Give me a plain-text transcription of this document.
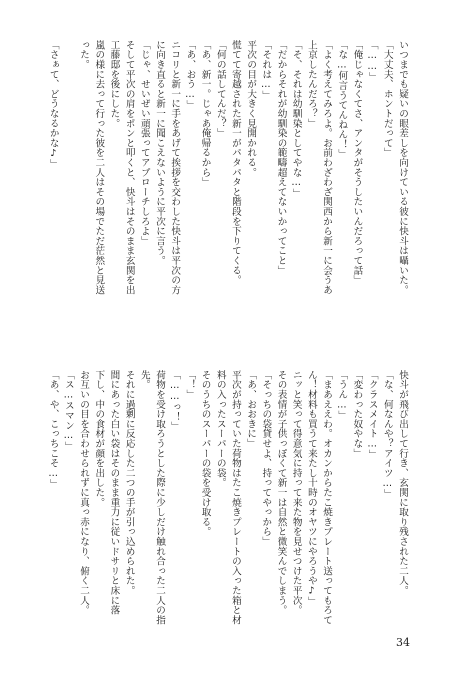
いつまでも疑いの眼差しを向けている彼に快斗は囁いた。
「大丈夫、ホントだって」
「……」
「俺じゃなくてさ、アンタがそうしたいんだろって話」
「な…何言うてんねん！」
「よく考えてみろよ。お前わざわざ関西から新一に会うあ
上京したんだろ？」
「そ、それは幼馴染としてやな…」
「だからそれが幼馴染の範疇超えてないかってこと」
「それは…」
平次の目が大きく見開かれる。
慌てて寄越された新一がパタパタと階段を下りてくる。
「何の話してんだ？」
「あ、新一。じゃあ俺帰るから」
「あ、おう…」
ニコリと新一に手をあげて挨拶を交わした快斗は平次の方
に向き直ると新一に聞こえないように平次に言う。
「じゃ、せいぜい頑張ってアプローチしろよ」
そして平次の肩をポンと叩くと、快斗はそのまま玄関を出
工藤邸を後にした。
嵐の様に去って行った彼を二人はその場でただ茫然と見送
った。
「さぁて、どうなるかな♪」
快斗が飛び出して行き、玄関に取り残された二人。
「な、何なんや？アイツ…」
「クラスメイト…」
「変わった奴やな」
「うん…」
「まあええわ。オカンからたこ焼きプレート送ってもろて
ん！材料も買うて来たし十時のオヤツにやろうや♪」
ニッと笑って得意気に持って来た物を見せつけた平次。
その表情が子供っぽくて新一は自然と微笑んでしまう。
「そっちの袋貸せよ、持ってやっから」
「あ、おおきに」
平次が持っていた荷物はたこ焼きプレートの入った箱と材
料の入ったスーパーの袋。
そのうちのスーパーの袋を受け取る。
「！」
「……っ！」
荷物を受け取ろうとした際に少しだけ触れ合った二人の指
先。
それに過剰に反応した二つの手が引っ込められた。
間にあった白い袋はそのまま重力に従いドサリと床に落
下し、中の食材が顔を出した。
お互いの目を合わせられずに真っ赤になり、俯く二人。
「ス…スマン…」
「あ、や、こっちこそ…」
34
